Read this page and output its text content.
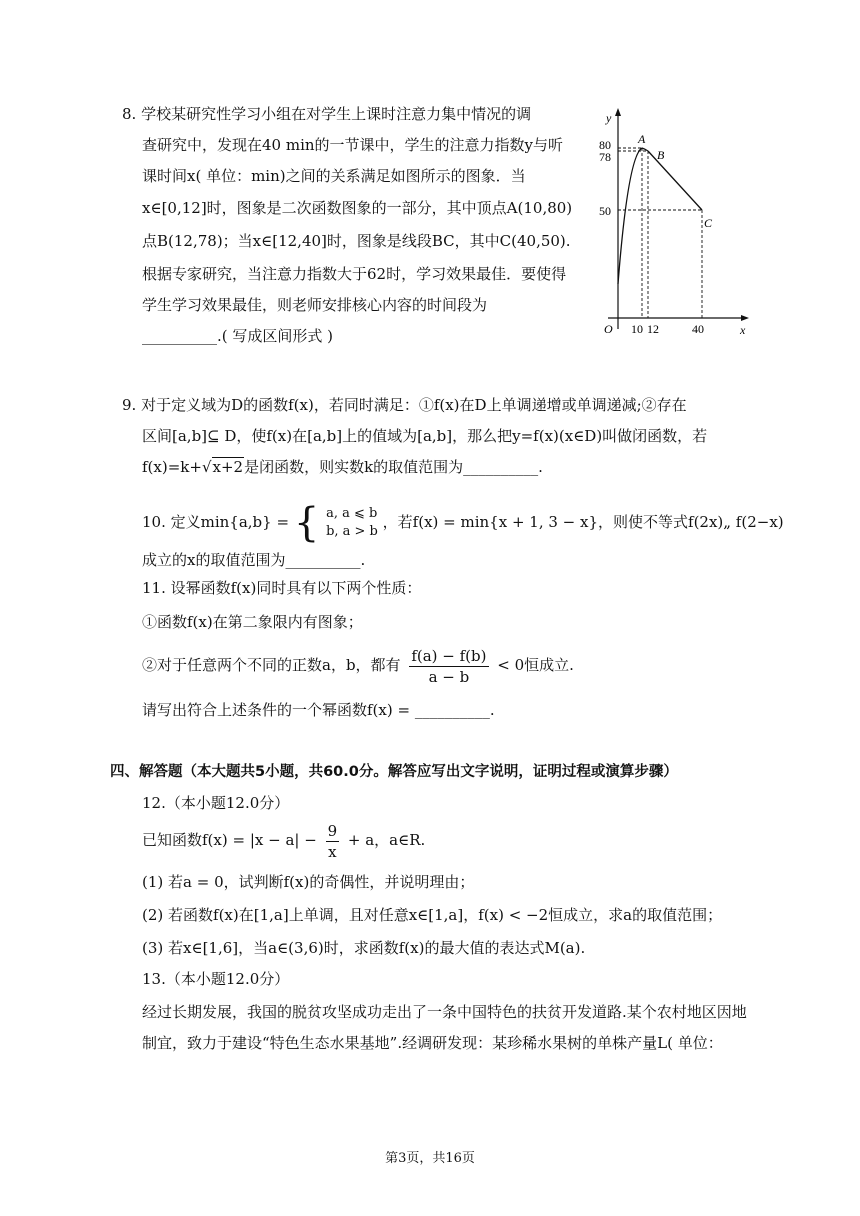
8. 学校某研究性学习小组在对学生上课时注意力集中情况的调
查研究中，发现在40 min的一节课中，学生的注意力指数y与听
课时间x( 单位：min)之间的关系满足如图所示的图象．当
x∈[0,12]时，图象是二次函数图象的一部分，其中顶点A(10,80)
点B(12,78)；当x∈[12,40]时，图象是线段BC，其中C(40,50).
根据专家研究，当注意力指数大于62时，学习效果最佳．要使得
学生学习效果最佳，则老师安排核心内容的时间段为
__________.( 写成区间形式 )
y
x
O
80
78
50
10 12	40
A
B
C
9. 对于定义域为D的函数f(x)，若同时满足：①f(x)在D上单调递增或单调递减;②存在
区间[a,b]⊆ D，使f(x)在[a,b]上的值域为[a,b]，那么把y=f(x)(x∈D)叫做闭函数，若
f(x)=k+√x+2是闭函数，则实数k的取值范围为__________.
10. 定义min{a,b} = { a, a ⩽ b
b, a > b
，若f(x) = min{x + 1, 3 − x}，则使不等式f(2x)„ f(2−x)
成立的x的取值范围为__________.
11. 设幂函数f(x)同时具有以下两个性质：
①函数f(x)在第二象限内有图象；
②对于任意两个不同的正数a，b，都有 $\frac{f(a) - f(b)}{a - b} < 0$恒成立.
请写出符合上述条件的一个幂函数f(x) = __________.
四、解答题（本大题共5小题，共60.0分。解答应写出文字说明，证明过程或演算步骤）
12.（本小题12.0分）
已知函数$f(x) = |x - a| - \frac{9}{x} + a$，a∈R.
(1) 若a = 0，试判断f(x)的奇偶性，并说明理由；
(2) 若函数f(x)在[1,a]上单调，且对任意x∈[1,a]，f(x) < −2恒成立，求a的取值范围；
(3) 若x∈[1,6]，当a∈(3,6)时，求函数f(x)的最大值的表达式M(a).
13.（本小题12.0分）
经过长期发展，我国的脱贫攻坚成功走出了一条中国特色的扶贫开发道路.某个农村地区因地
制宜，致力于建设“特色生态水果基地”.经调研发现：某珍稀水果树的单株产量L( 单位：
第3页，共16页
